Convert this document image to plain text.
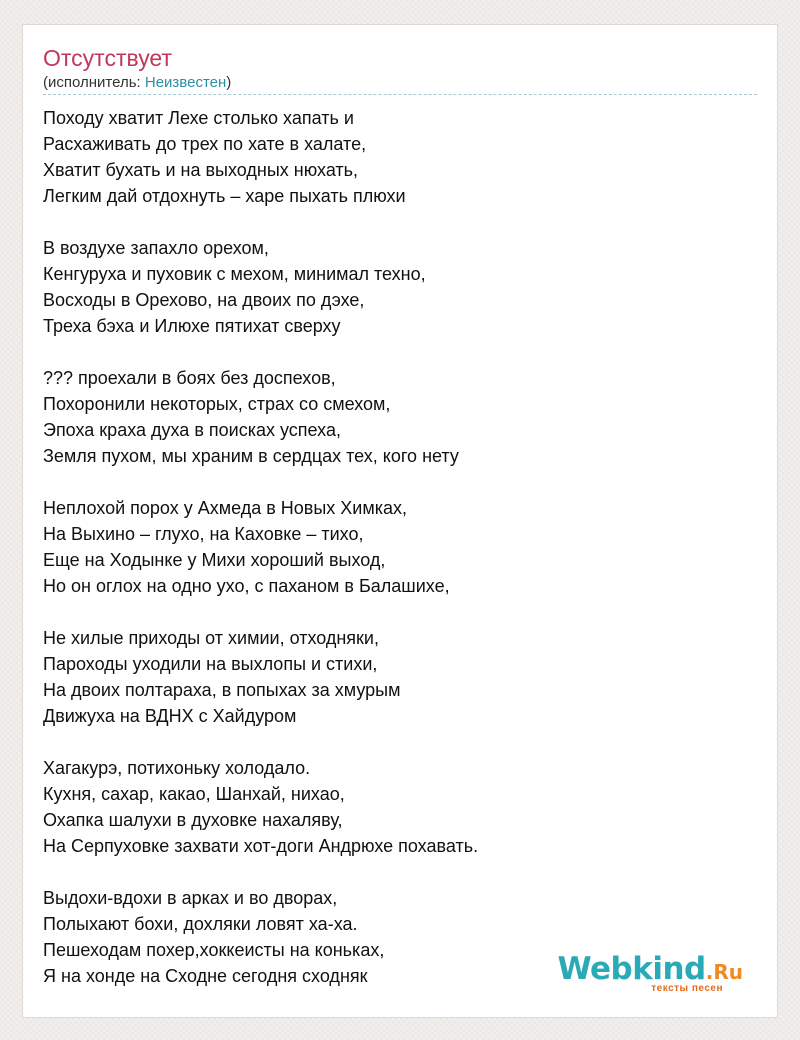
Отсутствует
(исполнитель: Неизвестен)
Походу хватит Лехе столько хапать и
Расхаживать до трех по хате в халате,
Хватит бухать и на выходных нюхать,
Легким дай отдохнуть – харе пыхать плюхи
В воздухе запахло орехом,
Кенгуруха и пуховик с мехом, минимал техно,
Восходы в Орехово, на двоих по дэхе,
Треха бэха и Илюхе пятихат сверху
??? проехали в боях без доспехов,
Похоронили некоторых, страх со смехом,
Эпоха краха духа в поисках успеха,
Земля пухом, мы храним в сердцах тех, кого нету
Неплохой порох у Ахмеда в Новых Химках,
На Выхино – глухо, на Каховке – тихо,
Еще на Ходынке у Михи хороший выход,
Но он оглох на одно ухо, с паханом в Балашихе,
Не хилые приходы от химии, отходняки,
Пароходы уходили на выхлопы и стихи,
На двоих полтараха, в попыхах за хмурым
Движуха на ВДНХ с Хайдуром
Хагакурэ, потихоньку холодало.
Кухня, сахар, какао, Шанхай, нихао,
Охапка шалухи в духовке нахаляву,
На Серпуховке захвати хот-доги Андрюхе похавать.
Выдохи-вдохи в арках и во дворах,
Полыхают бохи, дохляки ловят ха-ха.
Пешеходам похер,хоккеисты на коньках,
Я на хонде на Сходне сегодня сходняк	Webkind.Ru
тексты песен
